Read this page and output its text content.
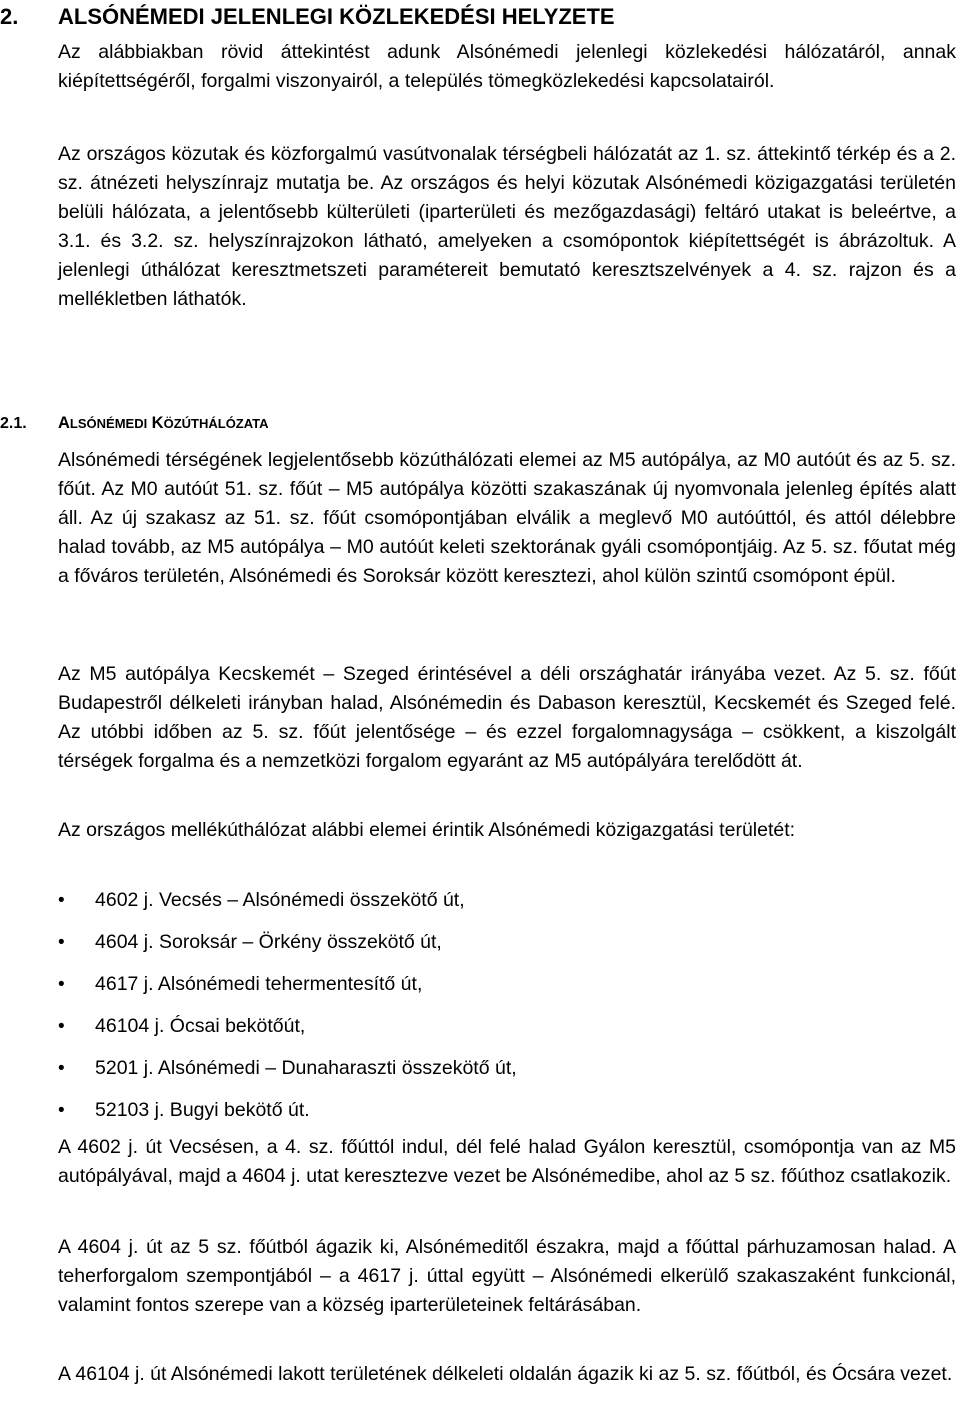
2. ALSÓNÉMEDI JELENLEGI KÖZLEKEDÉSI HELYZETE

Az alábbiakban rövid áttekintést adunk Alsónémedi jelenlegi közlekedési hálózatáról, annak kiépítettségéről, forgalmi viszonyairól, a település tömegközlekedési kapcsolatairól.

Az országos közutak és közforgalmú vasútvonalak térségbeli hálózatát az 1. sz. áttekintő térkép és a 2. sz. átnézeti helyszínrajz mutatja be. Az országos és helyi közutak Alsónémedi közigazgatási területén belüli hálózata, a jelentősebb külterületi (iparterületi és mezőgazdasági) feltáró utakat is beleértve, a 3.1. és 3.2. sz. helyszínrajzokon látható, amelyeken a csomópontok kiépítettségét is ábrázoltuk. A jelenlegi úthálózat keresztmetszeti paramétereit bemutató keresztszelvények a 4. sz. rajzon és a mellékletben láthatók.

2.1. ALSÓNÉMEDI KÖZÚTHÁLÓZATA

Alsónémedi térségének legjelentősebb közúthálózati elemei az M5 autópálya, az M0 autóút és az 5. sz. főút. Az M0 autóút 51. sz. főút – M5 autópálya közötti szakaszának új nyomvonala jelenleg építés alatt áll. Az új szakasz az 51. sz. főút csomópontjában elválik a meglevő M0 autóúttól, és attól délebbre halad tovább, az M5 autópálya – M0 autóút keleti szektorának gyáli csomópontjáig. Az 5. sz. főutat még a főváros területén, Alsónémedi és Soroksár között keresztezi, ahol külön szintű csomópont épül.

Az M5 autópálya Kecskemét – Szeged érintésével a déli országhatár irányába vezet. Az 5. sz. főút Budapestről délkeleti irányban halad, Alsónémedin és Dabason keresztül, Kecskemét és Szeged felé. Az utóbbi időben az 5. sz. főút jelentősége – és ezzel forgalomnagysága – csökkent, a kiszolgált térségek forgalma és a nemzetközi forgalom egyaránt az M5 autópályára terelődött át.

Az országos mellékúthálózat alábbi elemei érintik Alsónémedi közigazgatási területét:

• 4602 j. Vecsés – Alsónémedi összekötő út,
• 4604 j. Soroksár – Örkény összekötő út,
• 4617 j. Alsónémedi tehermentesítő út,
• 46104 j. Ócsai bekötőút,
• 5201 j. Alsónémedi – Dunaharaszti összekötő út,
• 52103 j. Bugyi bekötő út.

A 4602 j. út Vecsésen, a 4. sz. főúttól indul, dél felé halad Gyálon keresztül, csomópontja van az M5 autópályával, majd a 4604 j. utat keresztezve vezet be Alsónémedibe, ahol az 5 sz. főúthoz csatlakozik.

A 4604 j. út az 5 sz. főútból ágazik ki, Alsónémeditől északra, majd a főúttal párhuzamosan halad. A teherforgalom szempontjából – a 4617 j. úttal együtt – Alsónémedi elkerülő szakaszaként funkcionál, valamint fontos szerepe van a község iparterületeinek feltárásában.

A 46104 j. út Alsónémedi lakott területének délkeleti oldalán ágazik ki az 5. sz. főútból, és Ócsára vezet.
